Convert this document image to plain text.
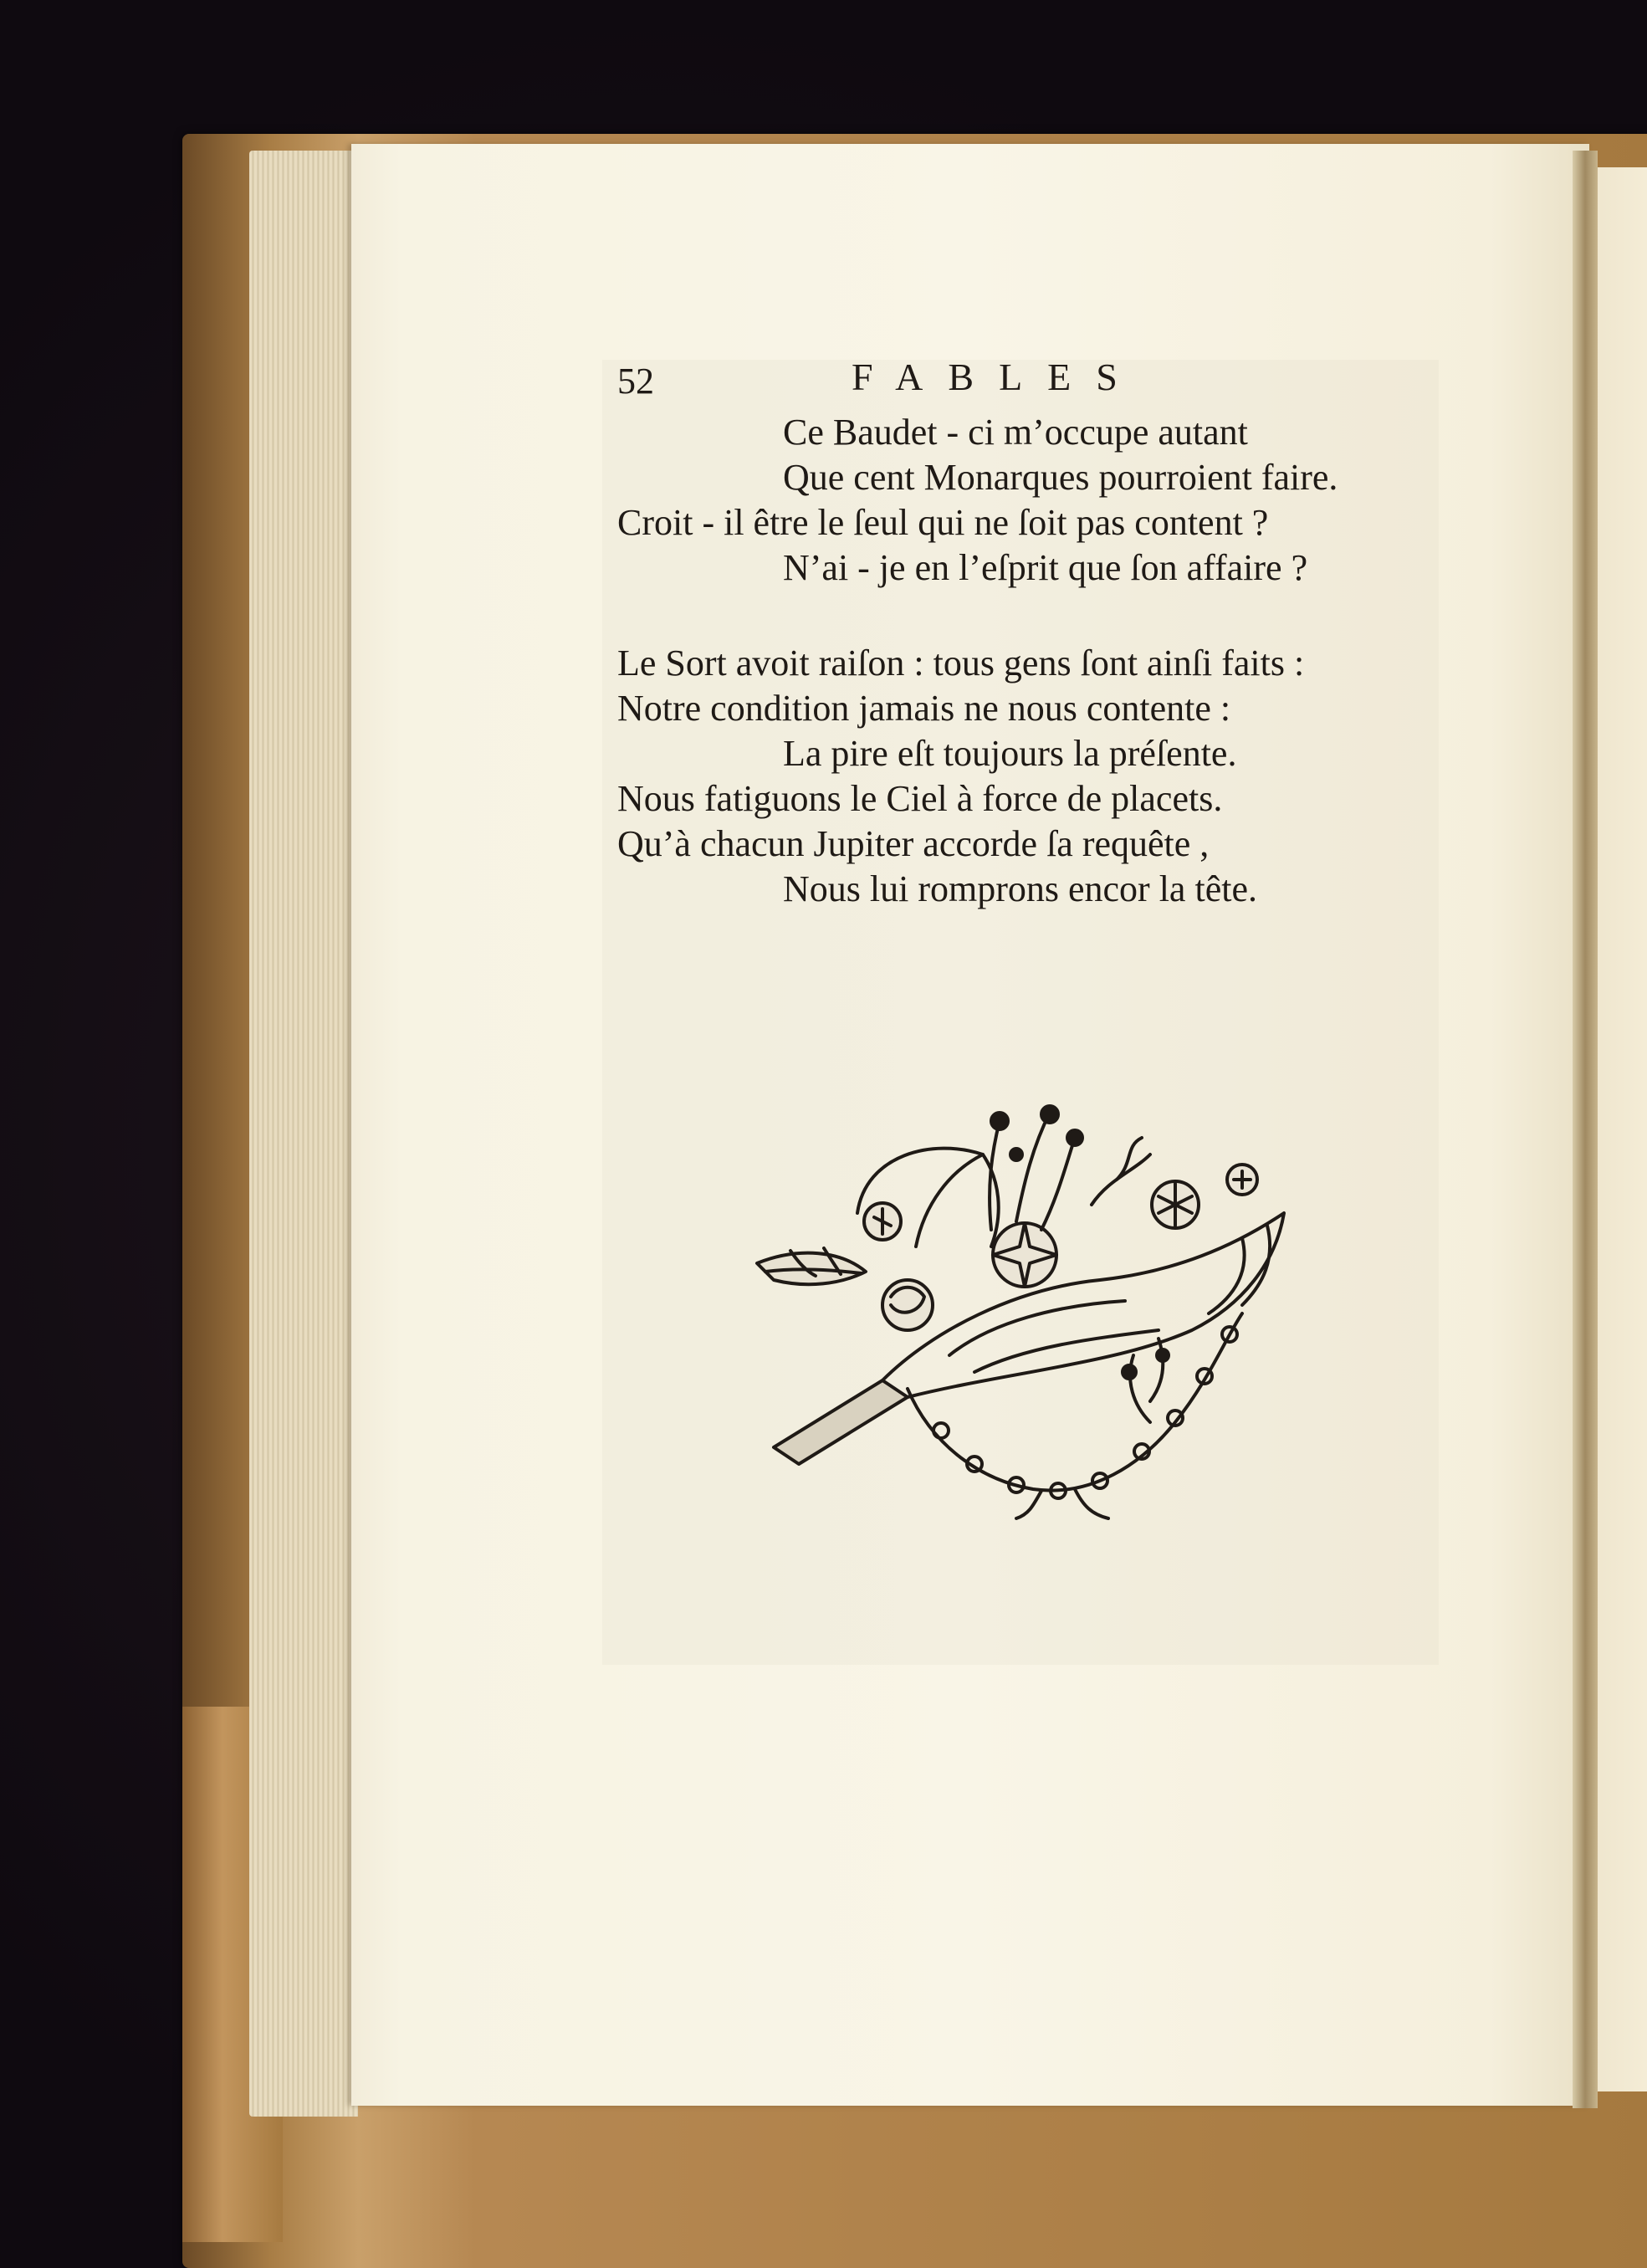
52	FABLES
Ce Baudet - ci m’occupe autant
Que cent Monarques pourroient faire.
Croit - il être le ſeul qui ne ſoit pas content ?
N’ai - je en l’eſprit que ſon affaire ?
Le Sort avoit raiſon : tous gens ſont ainſi faits :
Notre condition jamais ne nous contente :
La pire eſt toujours la préſente.
Nous fatiguons le Ciel à force de placets.
Qu’à chacun Jupiter accorde ſa requête ,
Nous lui romprons encor la tête.
